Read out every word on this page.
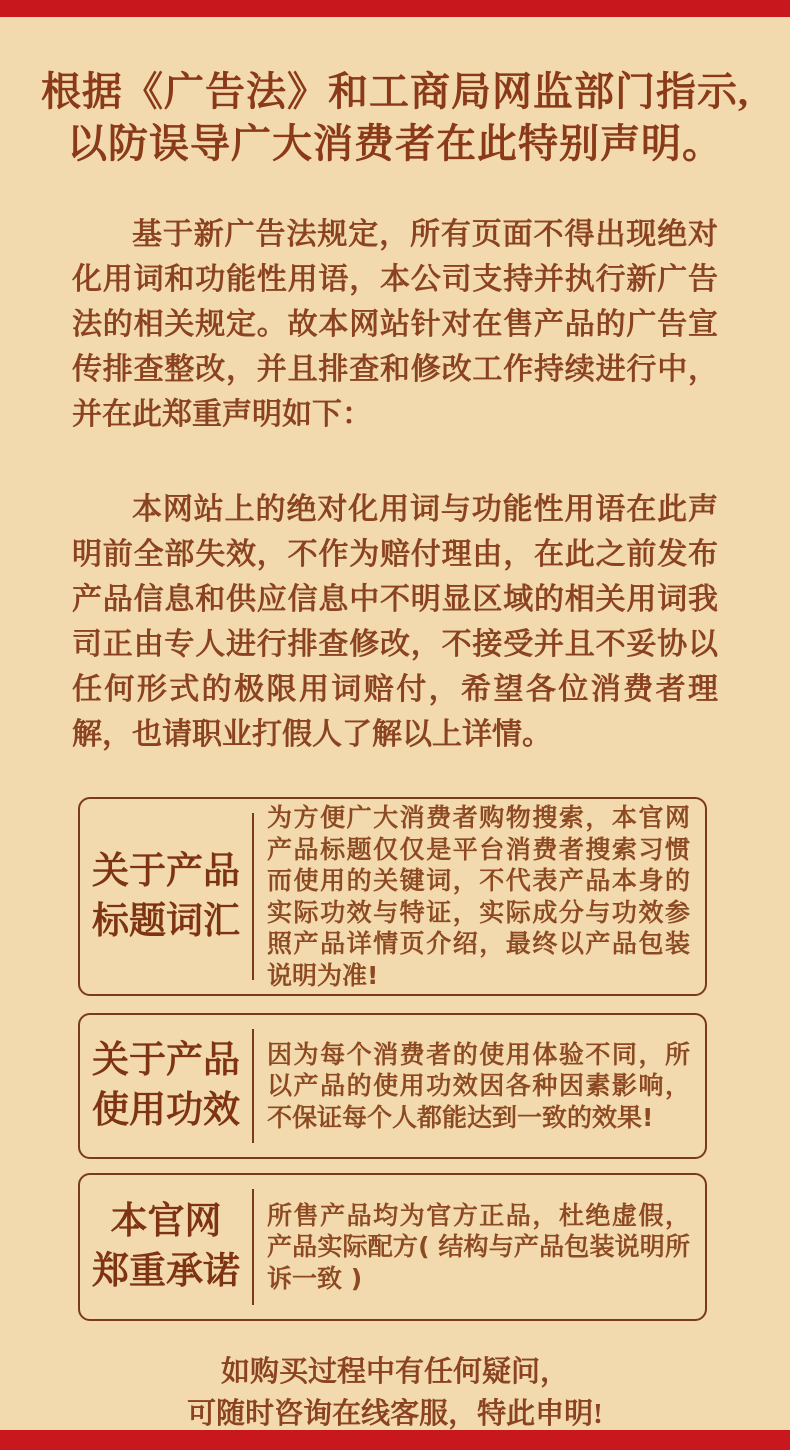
根据《广告法》和工商局网监部门指示,
以防误导广大消费者在此特别声明。

基于新广告法规定，所有页面不得出现绝对化用词和功能性用语，本公司支持并执行新广告法的相关规定。故本网站针对在售产品的广告宣传排查整改，并且排查和修改工作持续进行中，并在此郑重声明如下：

本网站上的绝对化用词与功能性用语在此声明前全部失效，不作为赔付理由，在此之前发布产品信息和供应信息中不明显区域的相关用词我司正由专人进行排查修改，不接受并且不妥协以任何形式的极限用词赔付，希望各位消费者理解，也请职业打假人了解以上详情。

关于产品
标题词汇
为方便广大消费者购物搜索，本官网产品标题仅仅是平台消费者搜索习惯而使用的关键词，不代表产品本身的实际功效与特证，实际成分与功效参照产品详情页介绍，最终以产品包装说明为准!
关于产品
使用功效
因为每个消费者的使用体验不同，所以产品的使用功效因各种因素影响，不保证每个人都能达到一致的效果!
本官网
郑重承诺
所售产品均为官方正品，杜绝虚假，产品实际配方( 结构与产品包装说明所诉一致 )
如购买过程中有任何疑问，
可随时咨询在线客服，特此申明!
